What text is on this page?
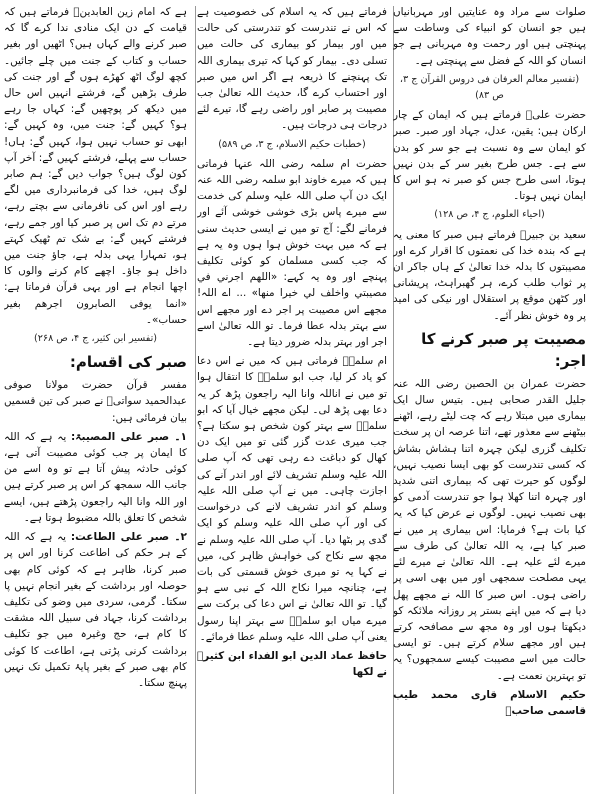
صلوات سے مراد وہ عنایتیں اور مہربانیاں ہیں جو انسان کو انبیاء کی وساطت سے پہنچتی ہیں اور رحمت وہ مہربانی ہے جو انسان کو اللہ کے فضل سے پہنچتی ہے۔

(تفسیر معالم العرفان فی دروس القرآن ج ۳، ص ۸۳)

حضرت علیؓ فرماتے ہیں کہ ایمان کے چار ارکان ہیں: یقین، عدل، جہاد اور صبر۔ صبر کو ایمان سے وہ نسبت ہے جو سر کو بدن سے ہے۔ جس طرح بغیر سر کے بدن نہیں ہوتا، اسی طرح جس کو صبر نہ ہو اس کا ایمان نہیں ہوتا۔

(احیاء العلوم، ج ۴، ص ۱۲۸)

سعید بن جبیرؒ فرماتے ہیں صبر کا معنی یہ ہے کہ بندہ خدا کی نعمتوں کا اقرار کرے اور مصیبتوں کا بدلہ خدا تعالیٰ کے ہاں جاکر ان پر ثواب طلب کرے، ہر گھبراہٹ، پریشانی اور کٹھن موقع پر استقلال اور نیکی کی امید پر وہ خوش نظر آئے۔

مصیبت پر صبر کرنے کا اجر:

حضرت عمران بن الحصین رضی اللہ عنہ جلیل القدر صحابی ہیں۔ بتیس سال ایک بیماری میں مبتلا رہے کہ چت لیٹے رہے، اٹھنے بیٹھنے سے معذور تھے، اتنا عرصہ ان پر سخت تکلیف گزری لیکن چہرہ اتنا ہشاش بشاش کہ کسی تندرست کو بھی ایسا نصیب نہیں، لوگوں کو حیرت تھی کہ بیماری اتنی شدید اور چہرہ اتنا کھلا ہوا جو تندرست آدمی کو بھی نصیب نہیں۔ لوگوں نے عرض کیا کہ یہ کیا بات ہے؟ فرمایا: اس بیماری پر میں نے صبر کیا ہے، یہ اللہ تعالیٰ کی طرف سے میرے لئے علیہ ہے۔ اللہ تعالیٰ نے میرے لئے یہی مصلحت سمجھی اور میں بھی اسی پر راضی ہوں۔ اس صبر کا اللہ نے مجھے پھل دیا ہے کہ میں اپنے بستر پر روزانہ ملائکہ کو دیکھتا ہوں اور وہ مجھ سے مصافحہ کرتے ہیں اور مجھے سلام کرتے ہیں۔ تو ایسی حالت میں اسے مصیبت کیسے سمجھوں؟ یہ تو بہترین نعمت ہے۔

حکیم الاسلام قاری محمد طیب قاسمی صاحبؒ

فرماتے ہیں کہ یہ اسلام کی خصوصیت ہے کہ اس نے تندرست کو تندرستی کی حالت میں اور بیمار کو بیماری کی حالت میں تسلی دی۔ بیمار کو کہا کہ تیری بیماری اللہ تک پہنچنے کا ذریعہ ہے اگر اس میں صبر اور احتساب کرے گا، حدیث اللہ تعالیٰ جب مصیبت پر صابر اور راضی رہے گا، تیرے لئے درجات ہی درجات ہیں۔

(خطبات حکیم الاسلام، ج ۳، ص ۵۸۹)

حضرت ام سلمہ رضی اللہ عنہا فرماتی ہیں کہ میرے خاوند ابو سلمہ رضی اللہ عنہ ایک دن آپ صلی اللہ علیہ وسلم کی خدمت سے میرے پاس بڑی خوشی خوشی آئے اور فرمانے لگے: آج تو میں نے ایسی حدیث سنی ہے کہ میں بہت خوش ہوا ہوں وہ یہ ہے کہ جب کسی مسلمان کو کوئی تکلیف پہنچے اور وہ یہ کہے: «اللهم اجرني في مصيبتي واخلف لي خيرا منها» ... اے اللہ! مجھے اس مصیبت پر اجر دے اور مجھے اس سے بہتر بدلہ عطا فرما۔ تو اللہ تعالیٰ اسے اجر اور بہتر بدلہ ضرور دیتا ہے۔

ام سلمہؓ فرماتی ہیں کہ میں نے اس دعا کو یاد کر لیا، جب ابو سلمہؓ کا انتقال ہوا تو میں نے اناللہ وانا الیہ راجعون پڑھ کر یہ دعا بھی پڑھ لی۔ لیکن مجھے خیال آیا کہ ابو سلمہؓ سے بہتر کون شخص ہو سکتا ہے؟ جب میری عدت گزر گئی تو میں ایک دن کھال کو دباغت دے رہی تھی کہ آپ صلی اللہ علیہ وسلم تشریف لائے اور اندر آنے کی اجازت چاہی۔ میں نے آپ صلی اللہ علیہ وسلم کو اندر تشریف لانے کی درخواست کی اور آپ صلی اللہ علیہ وسلم کو ایک گدی پر بٹھا دیا۔ آپ صلی اللہ علیہ وسلم نے مجھ سے نکاح کی خواہش ظاہر کی، میں نے کہا یہ تو میری خوش قسمتی کی بات ہے، چنانچہ میرا نکاح اللہ کے نبی سے ہو گیا۔ تو اللہ تعالیٰ نے اس دعا کی برکت سے میرے میاں ابو سلمہؓ سے بہتر اپنا رسول یعنی آپ صلی اللہ علیہ وسلم عطا فرمائے۔

حافظ عماد الدین ابو الفداء ابن کثیرؒ نے لکھا

ہے کہ امام زین العابدینؒ فرماتے ہیں کہ قیامت کے دن ایک منادی ندا کرے گا کہ صبر کرنے والے کہاں ہیں؟ اٹھیں اور بغیر حساب و کتاب کے جنت میں چلے جائیں۔ کچھ لوگ اٹھ کھڑے ہوں گے اور جنت کی طرف بڑھیں گے، فرشتے انہیں اس حال میں دیکھ کر پوچھیں گے: کہاں جا رہے ہو؟ کہیں گے: جنت میں، وہ کہیں گے: ابھی تو حساب نہیں ہوا، کہیں گے: ہاں! حساب سے پہلے، فرشتے کہیں گے: آخر آپ کون لوگ ہیں؟ جواب دیں گے: ہم صابر لوگ ہیں، خدا کی فرمانبرداری میں لگے رہے اور اس کی نافرمانی سے بچتے رہے، مرتے دم تک اس پر صبر کیا اور جمے رہے، فرشتے کہیں گے: بے شک تم ٹھیک کہتے ہو، تمہارا یہی بدلہ ہے، جاؤ جنت میں داخل ہو جاؤ۔ اچھے کام کرنے والوں کا اچھا انجام ہے اور یہی قرآن فرماتا ہے: «انما يوفى الصابرون اجرهم بغير حساب»۔

(تفسیر ابن کثیر، ج ۴، ص ۲۶۸)
صبر کی اقسام:

مفسر قرآن حضرت مولانا صوفی عبدالحمید سواتیؒ نے صبر کی تین قسمیں بیان فرمائی ہیں:

۱۔ صبر علی المصیبۃ: یہ ہے کہ اللہ کا ایمان پر جب کوئی مصیبت آتی ہے، کوئی حادثہ پیش آتا ہے تو وہ اسے من جانب اللہ سمجھ کر اس پر صبر کرتے ہیں اور اللہ وانا الیہ راجعون پڑھتے ہیں، ایسے شخص کا تعلق باللہ مضبوط ہوتا ہے۔

۲۔ صبر علی الطاعت: یہ ہے کہ اللہ کے ہر حکم کی اطاعت کرنا اور اس پر صبر کرنا، ظاہر ہے کہ کوئی کام بھی حوصلہ اور برداشت کے بغیر انجام نہیں پا سکتا۔ گرمی، سردی میں وضو کی تکلیف برداشت کرنا، جہاد فی سبیل اللہ مشقت کا کام ہے، حج وغیرہ میں جو تکلیف برداشت کرنی پڑتی ہے، اطاعت کا کوئی کام بھی صبر کے بغیر پایۂ تکمیل تک نہیں پہنچ سکتا۔
